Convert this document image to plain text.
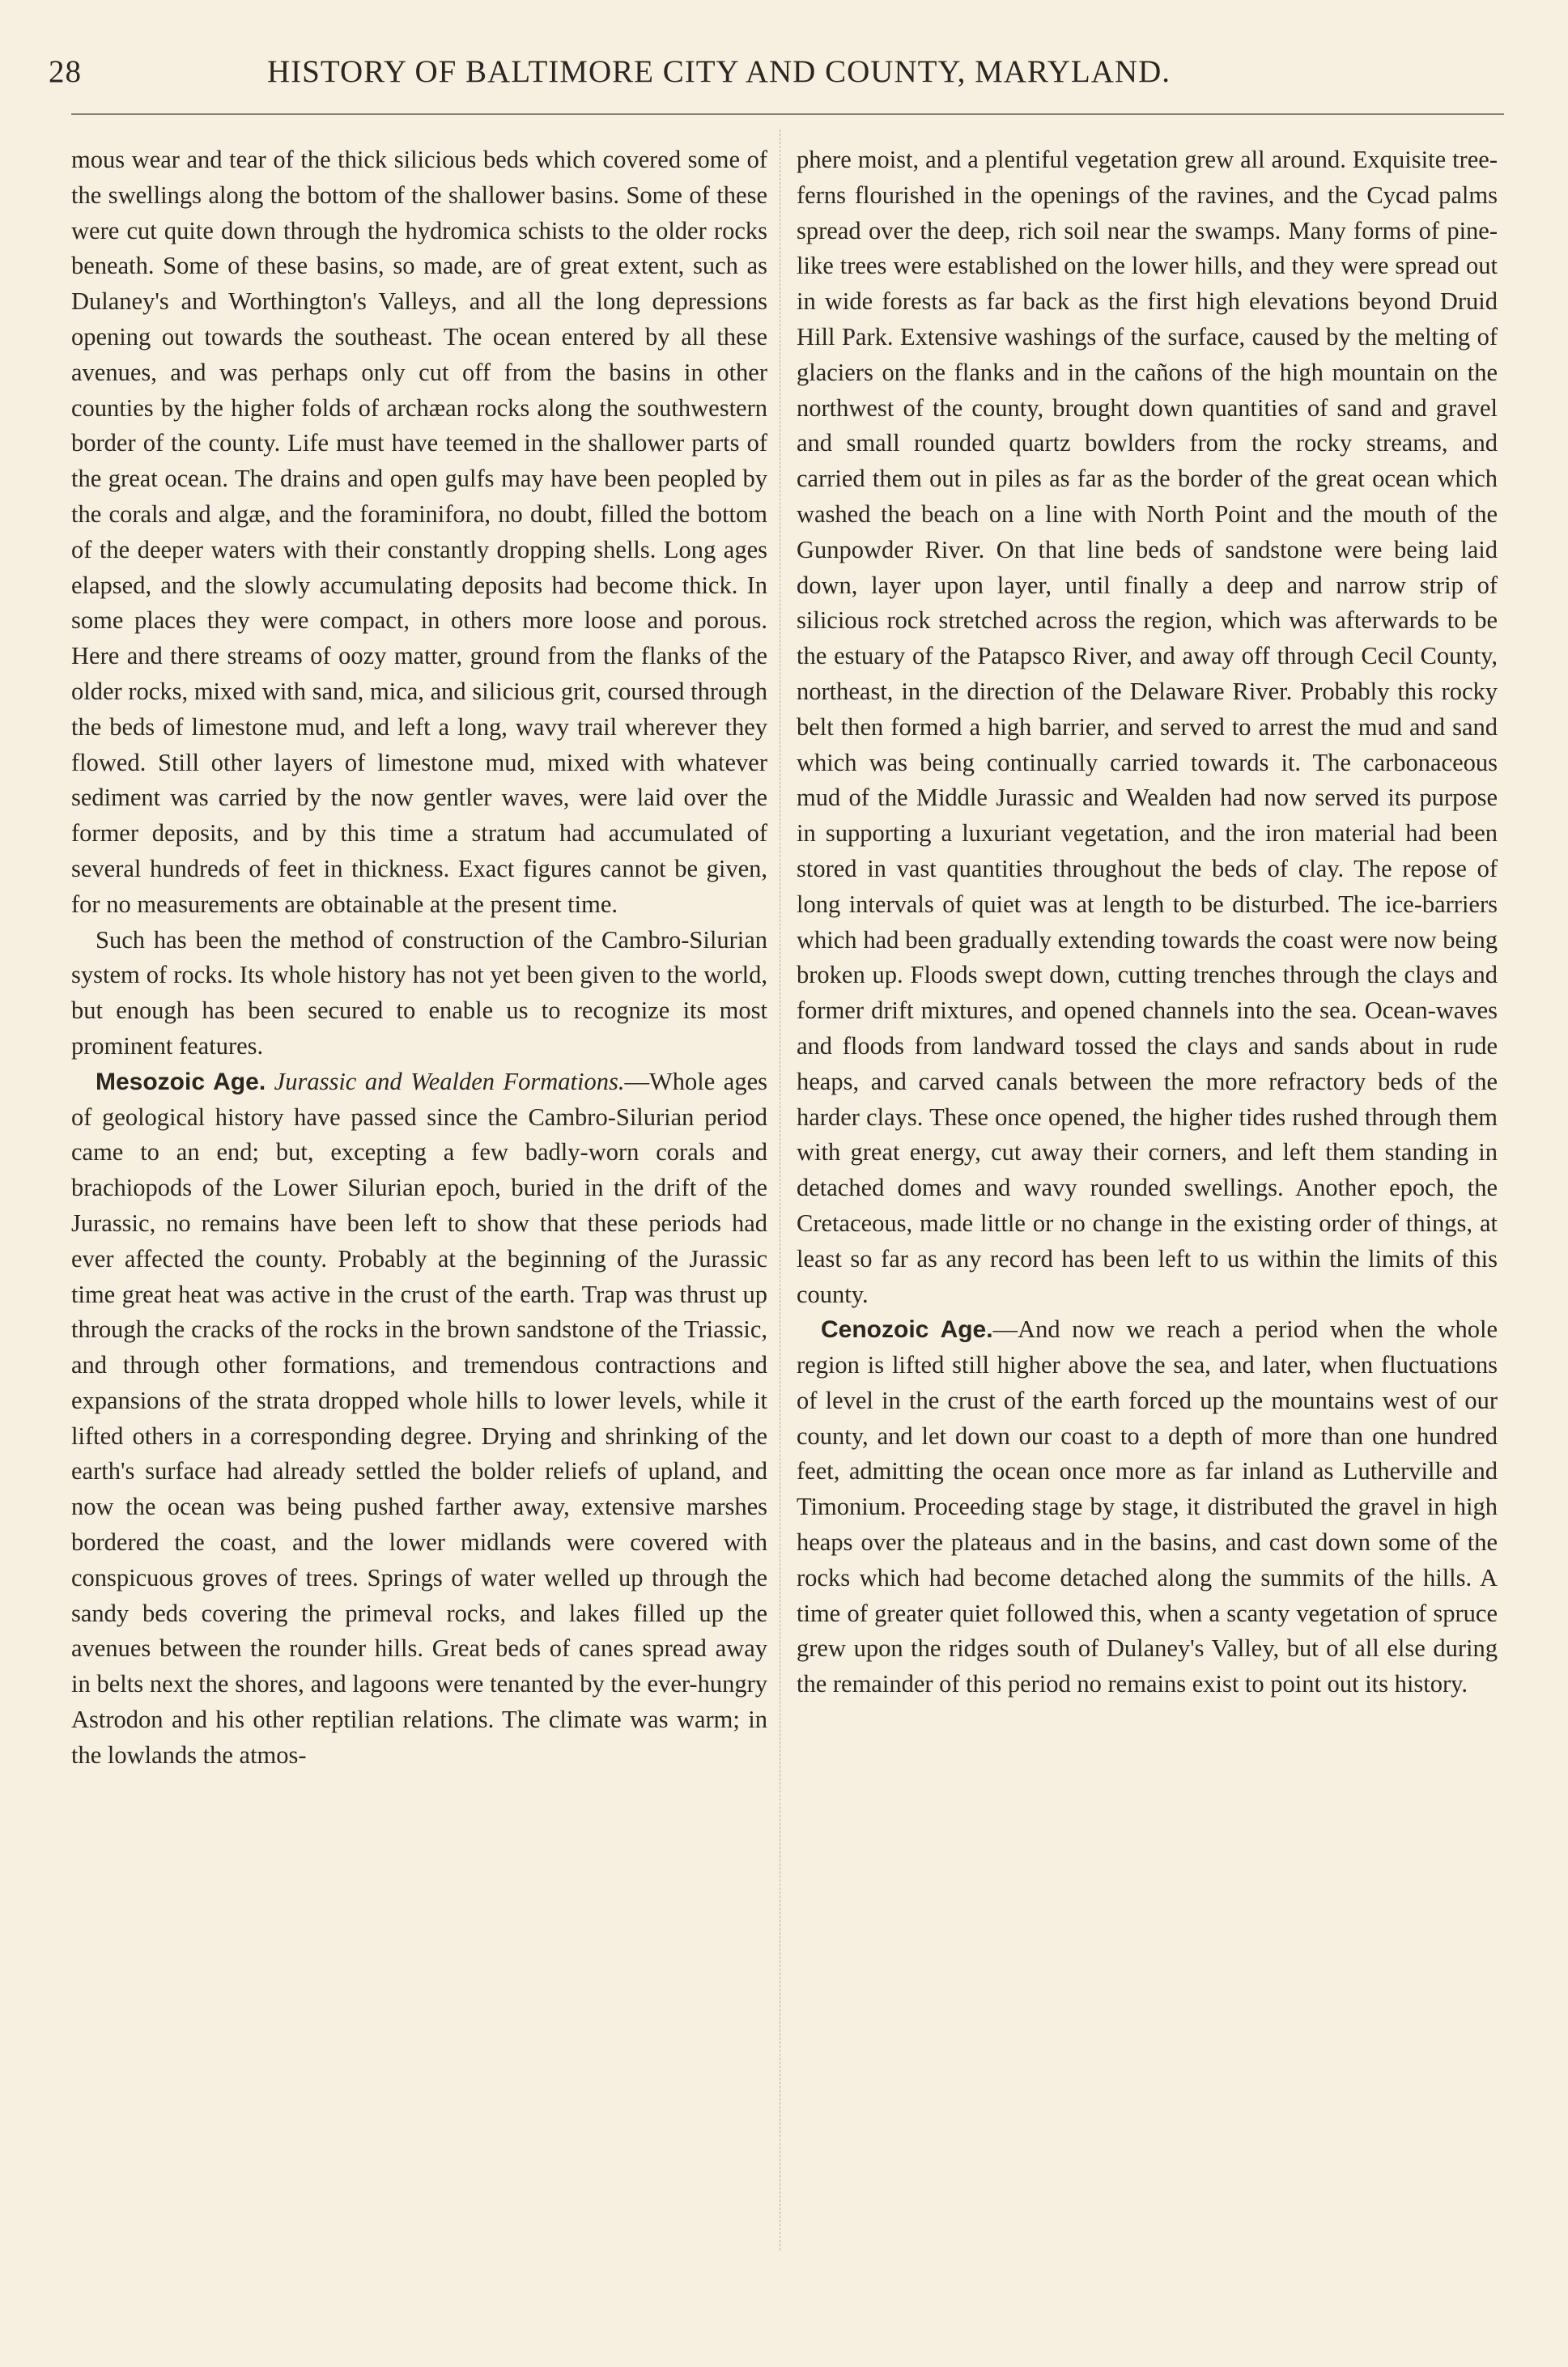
28	HISTORY OF BALTIMORE CITY AND COUNTY, MARYLAND.

mous wear and tear of the thick silicious beds which covered some of the swellings along the bottom of the shallower basins. Some of these were cut quite down through the hydromica schists to the older rocks beneath. Some of these basins, so made, are of great extent, such as Dulaney's and Worthington's Valleys, and all the long depressions opening out towards the southeast. The ocean entered by all these avenues, and was perhaps only cut off from the basins in other counties by the higher folds of archæan rocks along the southwestern border of the county. Life must have teemed in the shallower parts of the great ocean. The drains and open gulfs may have been peopled by the corals and algæ, and the foraminifora, no doubt, filled the bottom of the deeper waters with their constantly dropping shells. Long ages elapsed, and the slowly accumulating deposits had become thick. In some places they were compact, in others more loose and porous. Here and there streams of oozy matter, ground from the flanks of the older rocks, mixed with sand, mica, and silicious grit, coursed through the beds of limestone mud, and left a long, wavy trail wherever they flowed. Still other layers of limestone mud, mixed with whatever sediment was carried by the now gentler waves, were laid over the former deposits, and by this time a stratum had accumulated of several hundreds of feet in thickness. Exact figures cannot be given, for no measurements are obtainable at the present time.

Such has been the method of construction of the Cambro-Silurian system of rocks. Its whole history has not yet been given to the world, but enough has been secured to enable us to recognize its most prominent features.

Mesozoic Age. Jurassic and Wealden Formations.—Whole ages of geological history have passed since the Cambro-Silurian period came to an end; but, excepting a few badly-worn corals and brachiopods of the Lower Silurian epoch, buried in the drift of the Jurassic, no remains have been left to show that these periods had ever affected the county. Probably at the beginning of the Jurassic time great heat was active in the crust of the earth. Trap was thrust up through the cracks of the rocks in the brown sandstone of the Triassic, and through other formations, and tremendous contractions and expansions of the strata dropped whole hills to lower levels, while it lifted others in a corresponding degree. Drying and shrinking of the earth's surface had already settled the bolder reliefs of upland, and now the ocean was being pushed farther away, extensive marshes bordered the coast, and the lower midlands were covered with conspicuous groves of trees. Springs of water welled up through the sandy beds covering the primeval rocks, and lakes filled up the avenues between the rounder hills. Great beds of canes spread away in belts next the shores, and lagoons were tenanted by the ever-hungry Astrodon and his other reptilian relations. The climate was warm; in the lowlands the atmos-

phere moist, and a plentiful vegetation grew all around. Exquisite tree-ferns flourished in the openings of the ravines, and the Cycad palms spread over the deep, rich soil near the swamps. Many forms of pine-like trees were established on the lower hills, and they were spread out in wide forests as far back as the first high elevations beyond Druid Hill Park. Extensive washings of the surface, caused by the melting of glaciers on the flanks and in the cañons of the high mountain on the northwest of the county, brought down quantities of sand and gravel and small rounded quartz bowlders from the rocky streams, and carried them out in piles as far as the border of the great ocean which washed the beach on a line with North Point and the mouth of the Gunpowder River. On that line beds of sandstone were being laid down, layer upon layer, until finally a deep and narrow strip of silicious rock stretched across the region, which was afterwards to be the estuary of the Patapsco River, and away off through Cecil County, northeast, in the direction of the Delaware River. Probably this rocky belt then formed a high barrier, and served to arrest the mud and sand which was being continually carried towards it. The carbonaceous mud of the Middle Jurassic and Wealden had now served its purpose in supporting a luxuriant vegetation, and the iron material had been stored in vast quantities throughout the beds of clay. The repose of long intervals of quiet was at length to be disturbed. The ice-barriers which had been gradually extending towards the coast were now being broken up. Floods swept down, cutting trenches through the clays and former drift mixtures, and opened channels into the sea. Ocean-waves and floods from landward tossed the clays and sands about in rude heaps, and carved canals between the more refractory beds of the harder clays. These once opened, the higher tides rushed through them with great energy, cut away their corners, and left them standing in detached domes and wavy rounded swellings. Another epoch, the Cretaceous, made little or no change in the existing order of things, at least so far as any record has been left to us within the limits of this county.

Cenozoic Age.—And now we reach a period when the whole region is lifted still higher above the sea, and later, when fluctuations of level in the crust of the earth forced up the mountains west of our county, and let down our coast to a depth of more than one hundred feet, admitting the ocean once more as far inland as Lutherville and Timonium. Proceeding stage by stage, it distributed the gravel in high heaps over the plateaus and in the basins, and cast down some of the rocks which had become detached along the summits of the hills. A time of greater quiet followed this, when a scanty vegetation of spruce grew upon the ridges south of Dulaney's Valley, but of all else during the remainder of this period no remains exist to point out its history.
